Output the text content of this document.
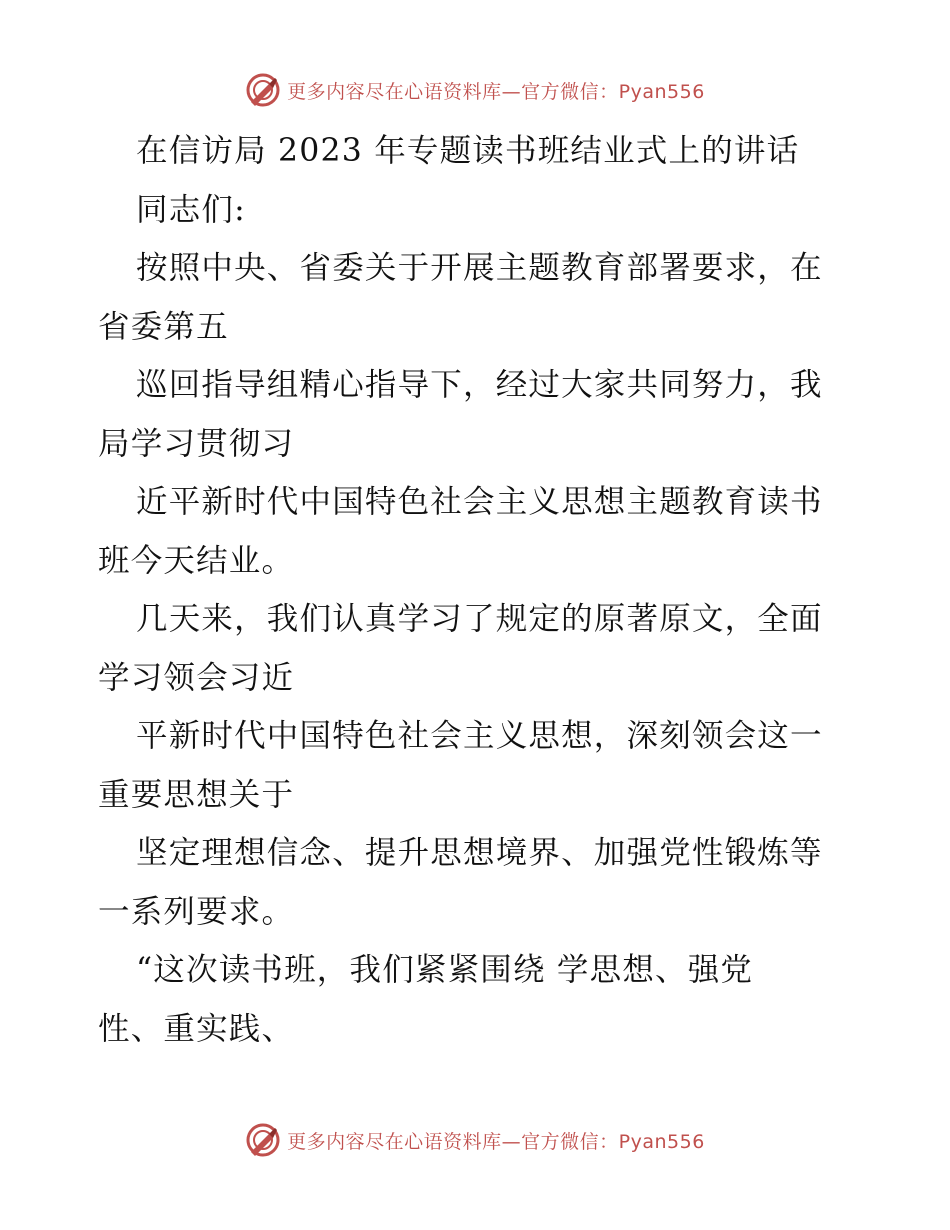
更多内容尽在心语资料库—官方微信：Pyan556
在信访局 2023 年专题读书班结业式上的讲话
同志们:
按照中央、省委关于开展主题教育部署要求，在
省委第五
巡回指导组精心指导下，经过大家共同努力，我
局学习贯彻习
近平新时代中国特色社会主义思想主题教育读书
班今天结业。
几天来，我们认真学习了规定的原著原文，全面
学习领会习近
平新时代中国特色社会主义思想，深刻领会这一
重要思想关于
坚定理想信念、提升思想境界、加强党性锻炼等
一系列要求。
“这次读书班，我们紧紧围绕 学思想、强党
性、重实践、
更多内容尽在心语资料库—官方微信：Pyan556
